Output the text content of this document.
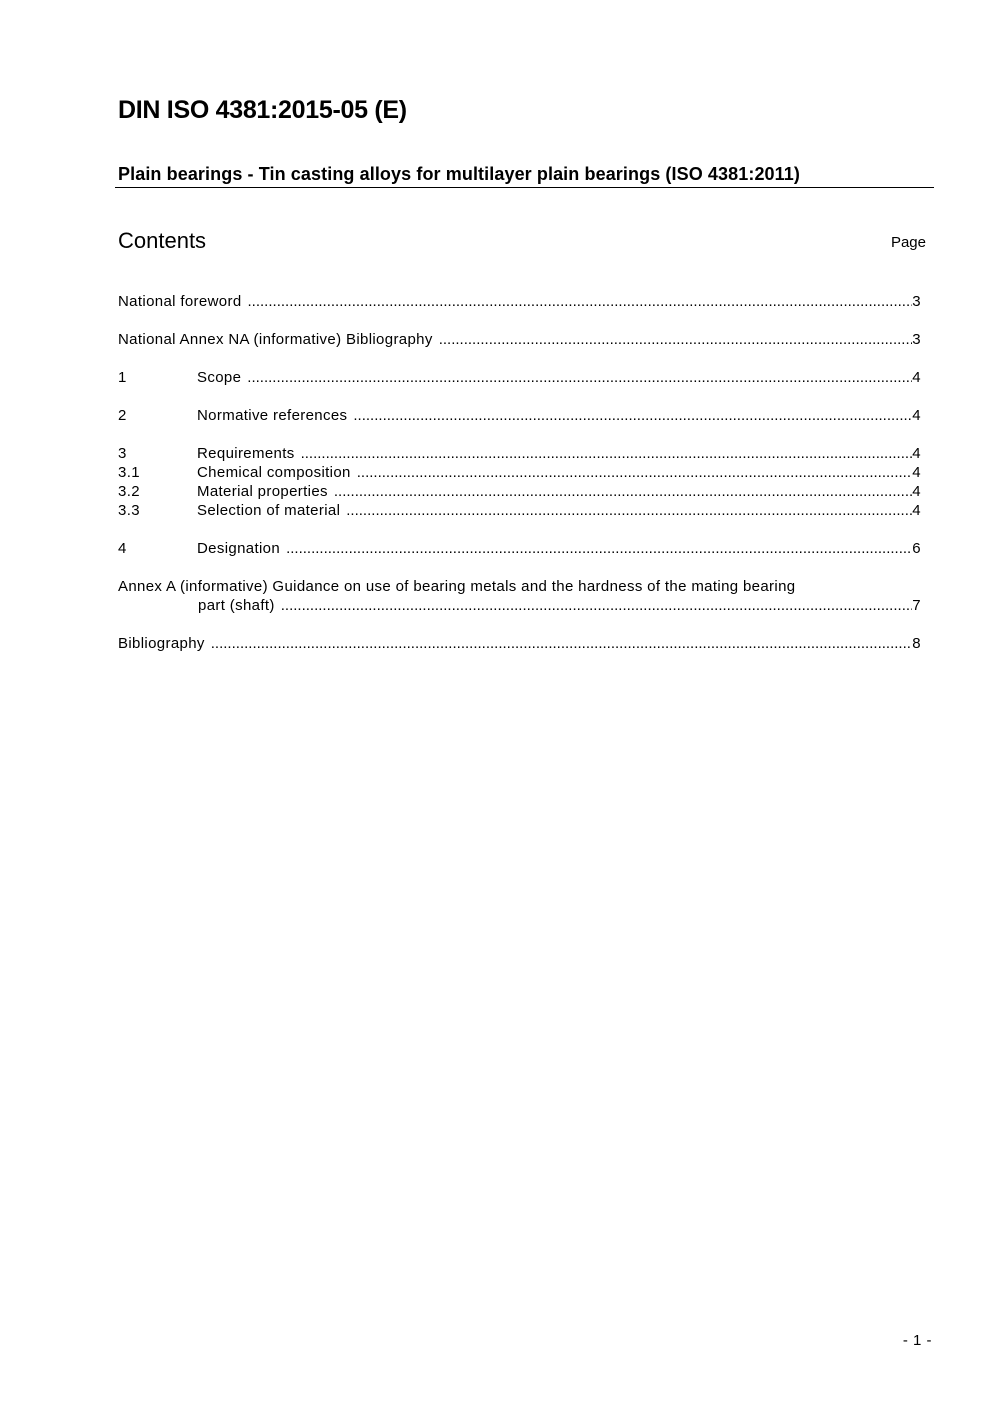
DIN ISO 4381:2015-05 (E)
Plain bearings - Tin casting alloys for multilayer plain bearings (ISO 4381:2011)
Contents	Page
National foreword .....	3
National Annex NA (informative) Bibliography .....	3
1	Scope .....	4
2	Normative references .....	4
3	Requirements .....	4
3.1	Chemical composition .....	4
3.2	Material properties .....	4
3.3	Selection of material .....	4
4	Designation .....	6
Annex A (informative) Guidance on use of bearing metals and the hardness of the mating bearing
part (shaft) .....	7
Bibliography .....	8
- 1 -
